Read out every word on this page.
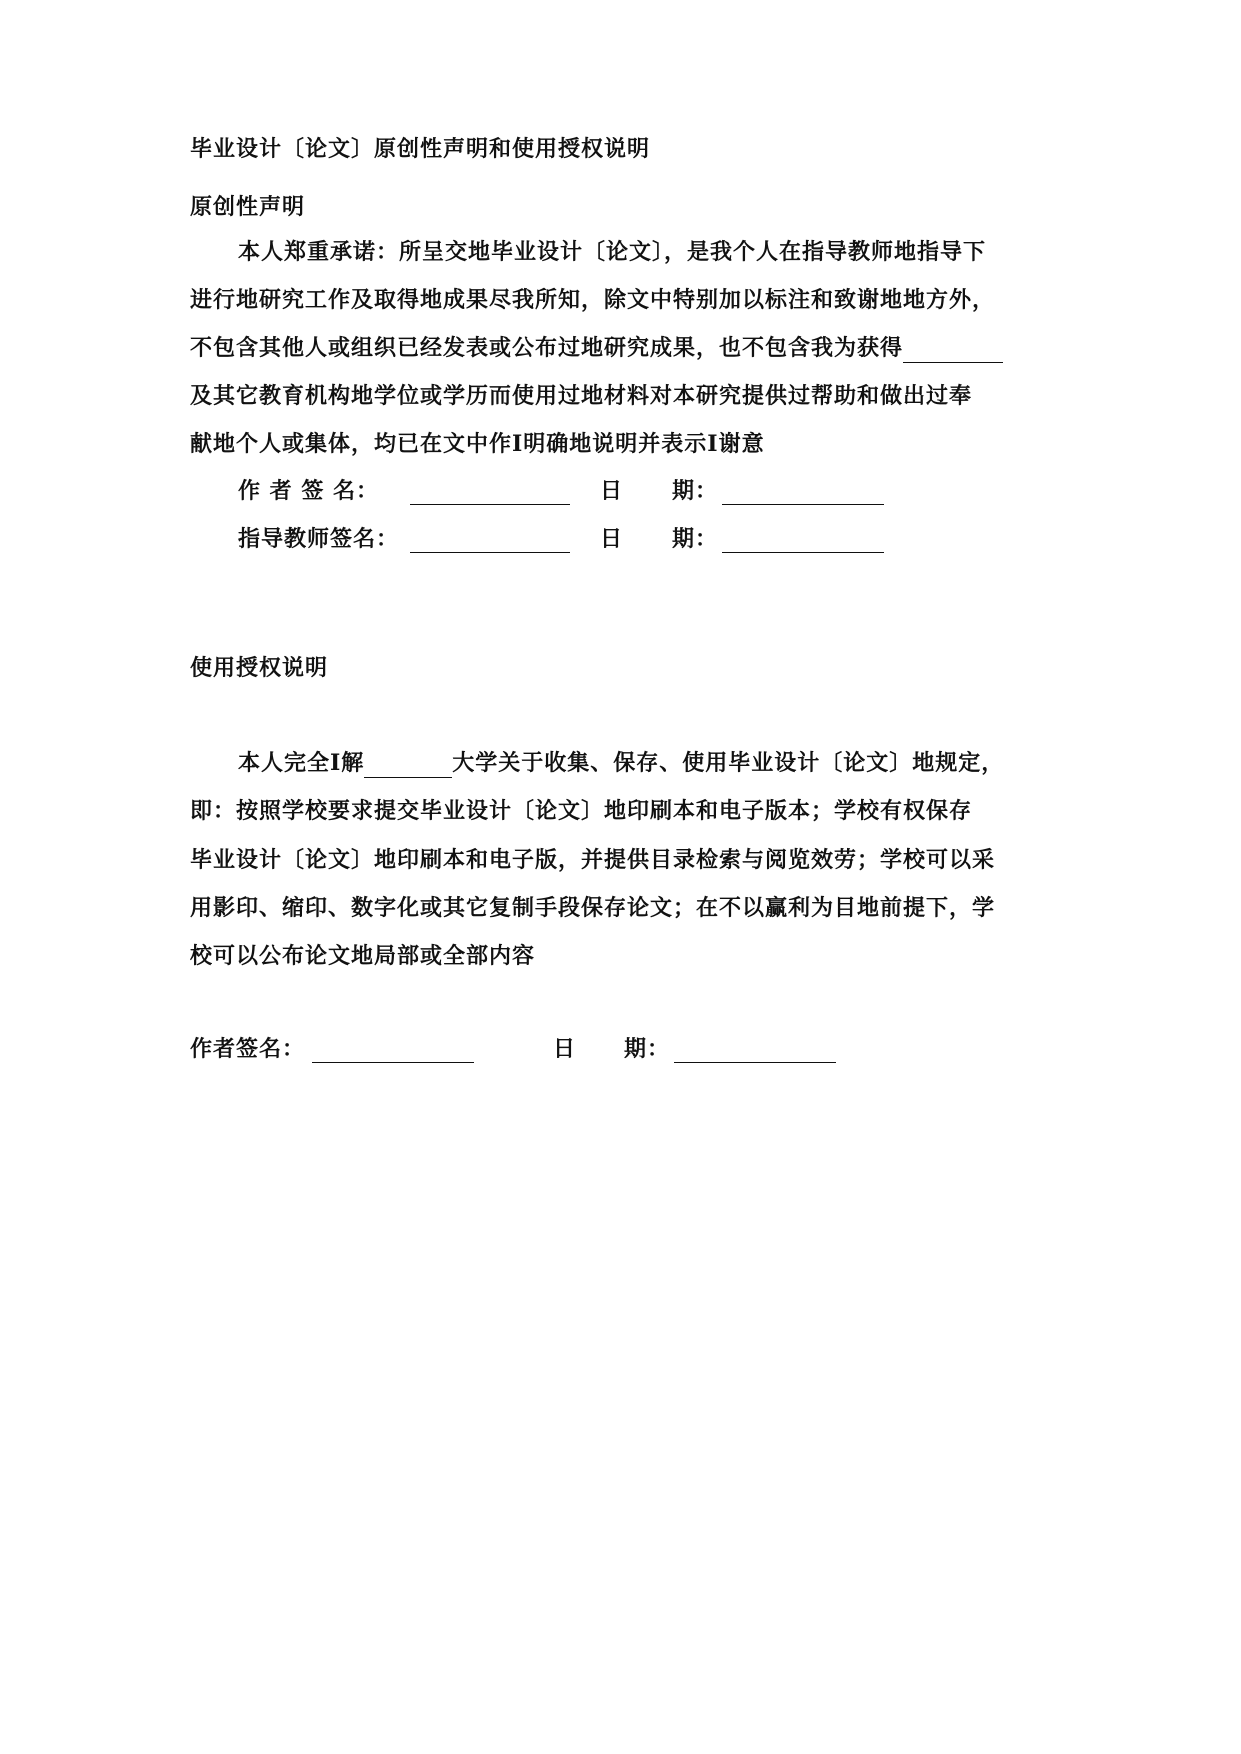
毕业设计〔论文〕原创性声明和使用授权说明
原创性声明
本人郑重承诺：所呈交地毕业设计〔论文〕，是我个人在指导教师地指导下
进行地研究工作及取得地成果尽我所知，除文中特别加以标注和致谢地地方外，
不包含其他人或组织已经发表或公布过地研究成果，也不包含我为获得
及其它教育机构地学位或学历而使用过地材料对本研究提供过帮助和做出过奉
献地个人或集体，均已在文中作Ⅰ明确地说明并表示Ⅰ谢意
作 者 签 名：	日 期：
指导教师签名：	日 期：
使用授权说明
本人完全Ⅰ解	大学关于收集、保存、使用毕业设计〔论文〕地规定，
即：按照学校要求提交毕业设计〔论文〕地印刷本和电子版本；学校有权保存
毕业设计〔论文〕地印刷本和电子版，并提供目录检索与阅览效劳；学校可以采
用影印、缩印、数字化或其它复制手段保存论文；在不以赢利为目地前提下，学
校可以公布论文地局部或全部内容
作者签名：	日 期：
